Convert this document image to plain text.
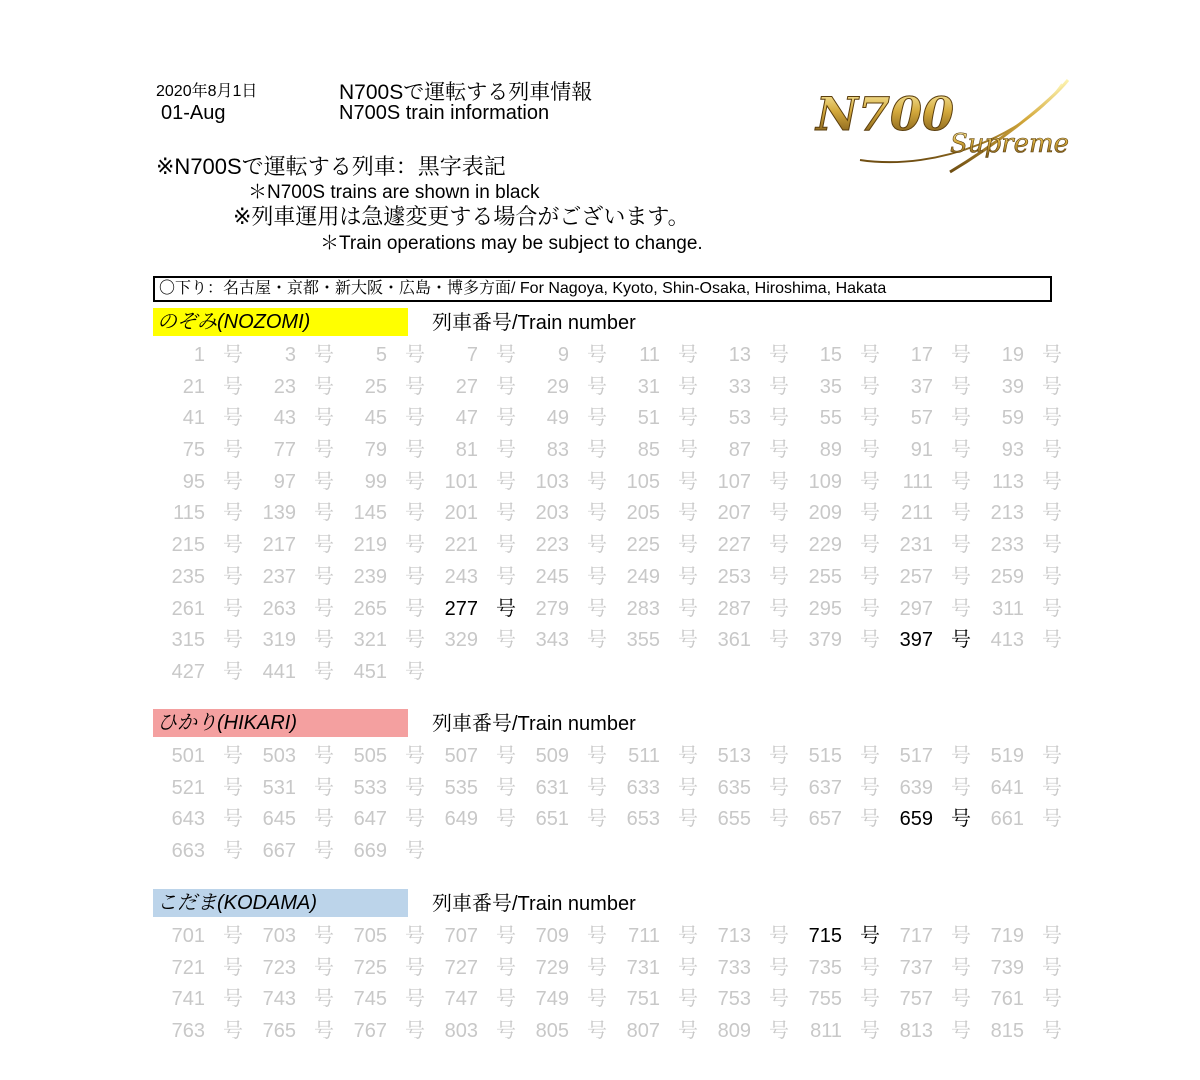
2020年8月1日
01-Aug
N700Sで運転する列車情報
N700S train information
※N700Sで運転する列車：黒字表記
＊N700S trains are shown in black
※列車運用は急遽変更する場合がございます。
＊Train operations may be subject to change.
N700
Supreme
〇下り：名古屋・京都・新大阪・広島・博多方面/ For Nagoya, Kyoto, Shin-Osaka, Hiroshima, Hakata
のぞみ(NOZOMI)	列車番号/Train number
1 号	3 号	5 号	7 号	9 号	11 号	13 号	15 号	17 号	19 号
21 号	23 号	25 号	27 号	29 号	31 号	33 号	35 号	37 号	39 号
41 号	43 号	45 号	47 号	49 号	51 号	53 号	55 号	57 号	59 号
75 号	77 号	79 号	81 号	83 号	85 号	87 号	89 号	91 号	93 号
95 号	97 号	99 号 101 号 103 号 105 号 107 号 109 号	111 号	113 号
115 号 139 号 145 号 201 号 203 号 205 号 207 号 209 号	211 号 213 号
215 号 217 号 219 号 221 号 223 号 225 号 227 号 229 号 231 号 233 号
235 号 237 号 239 号 243 号 245 号 249 号 253 号 255 号 257 号 259 号
261 号 263 号 265 号 277 号 279 号 283 号 287 号 295 号 297 号	311 号
315 号 319 号 321 号 329 号 343 号 355 号 361 号 379 号 397 号 413 号
427 号 441 号 451 号
ひかり(HIKARI)	列車番号/Train number
501 号 503 号 505 号 507 号 509 号	511 号 513 号 515 号 517 号 519 号
521 号 531 号 533 号 535 号 631 号 633 号 635 号 637 号 639 号 641 号
643 号 645 号 647 号 649 号 651 号 653 号 655 号 657 号 659 号 661 号
663 号 667 号 669 号
こだま(KODAMA)	列車番号/Train number
701 号 703 号 705 号 707 号 709 号	711 号 713 号 715 号 717 号 719 号
721 号 723 号 725 号 727 号 729 号 731 号 733 号 735 号 737 号 739 号
741 号 743 号 745 号 747 号 749 号 751 号 753 号 755 号 757 号 761 号
763 号 765 号 767 号 803 号 805 号 807 号 809 号	811 号 813 号 815 号
